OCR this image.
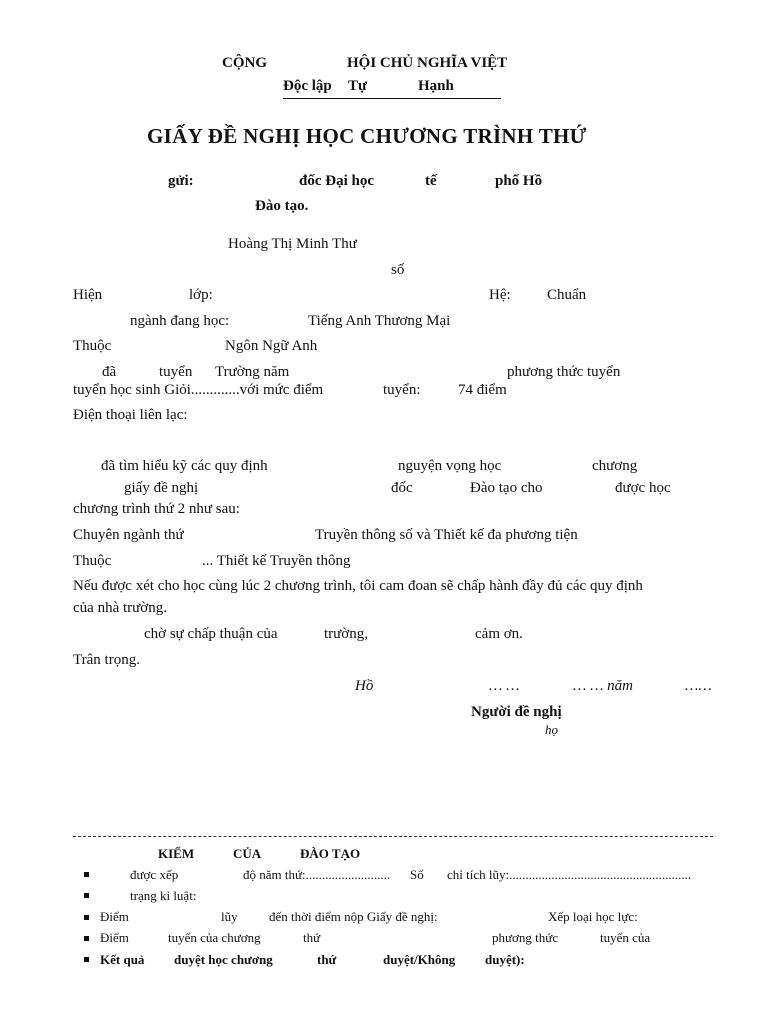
CỘNG	HỘI CHỦ NGHĨA VIỆT
Độc lập Tự	Hạnh
GIẤY ĐỀ NGHỊ HỌC CHƯƠNG TRÌNH THỨ
gửi:	đốc Đại học	tế	phố Hồ
Đào tạo.
Hoàng Thị Minh Thư
số
Hiện	lớp:	Hệ: Chuẩn
ngành đang học:	Tiếng Anh Thương Mại
Thuộc	Ngôn Ngữ Anh
đã	tuyển Trường năm	phương thức tuyển
tuyển học sinh Giỏi.............với mức điểm	tuyển:	74 điểm
Điện thoại liên lạc:
đã tìm hiểu kỹ các quy định	nguyện vọng học	chương
giấy đề nghị	đốc	Đào tạo cho	được học
chương trình thứ 2 như sau:
Chuyên ngành thứ	Truyền thông số và Thiết kế đa phương tiện
Thuộc	... Thiết kế Truyền thông
Nếu được xét cho học cùng lúc 2 chương trình, tôi cam đoan sẽ chấp hành đầy đủ các quy định
của nhà trường.
chờ sự chấp thuận của	trường,	cảm ơn.
Trân trọng.
Hồ	… …	… … năm	……
Người đề nghị
họ
KIỂM	CỦA	ĐÀO TẠO
được xếp	độ năm thứ:.......................... Số chỉ tích lũy:........................................................
trạng kỉ luật:
Điểm	lũy đến thời điểm nộp Giấy đề nghị:	Xếp loại học lực:
Điểm	tuyển của chương	thứ	phương thức	tuyển của
Kết quả duyệt học chương	thứ	duyệt/Không duyệt):
